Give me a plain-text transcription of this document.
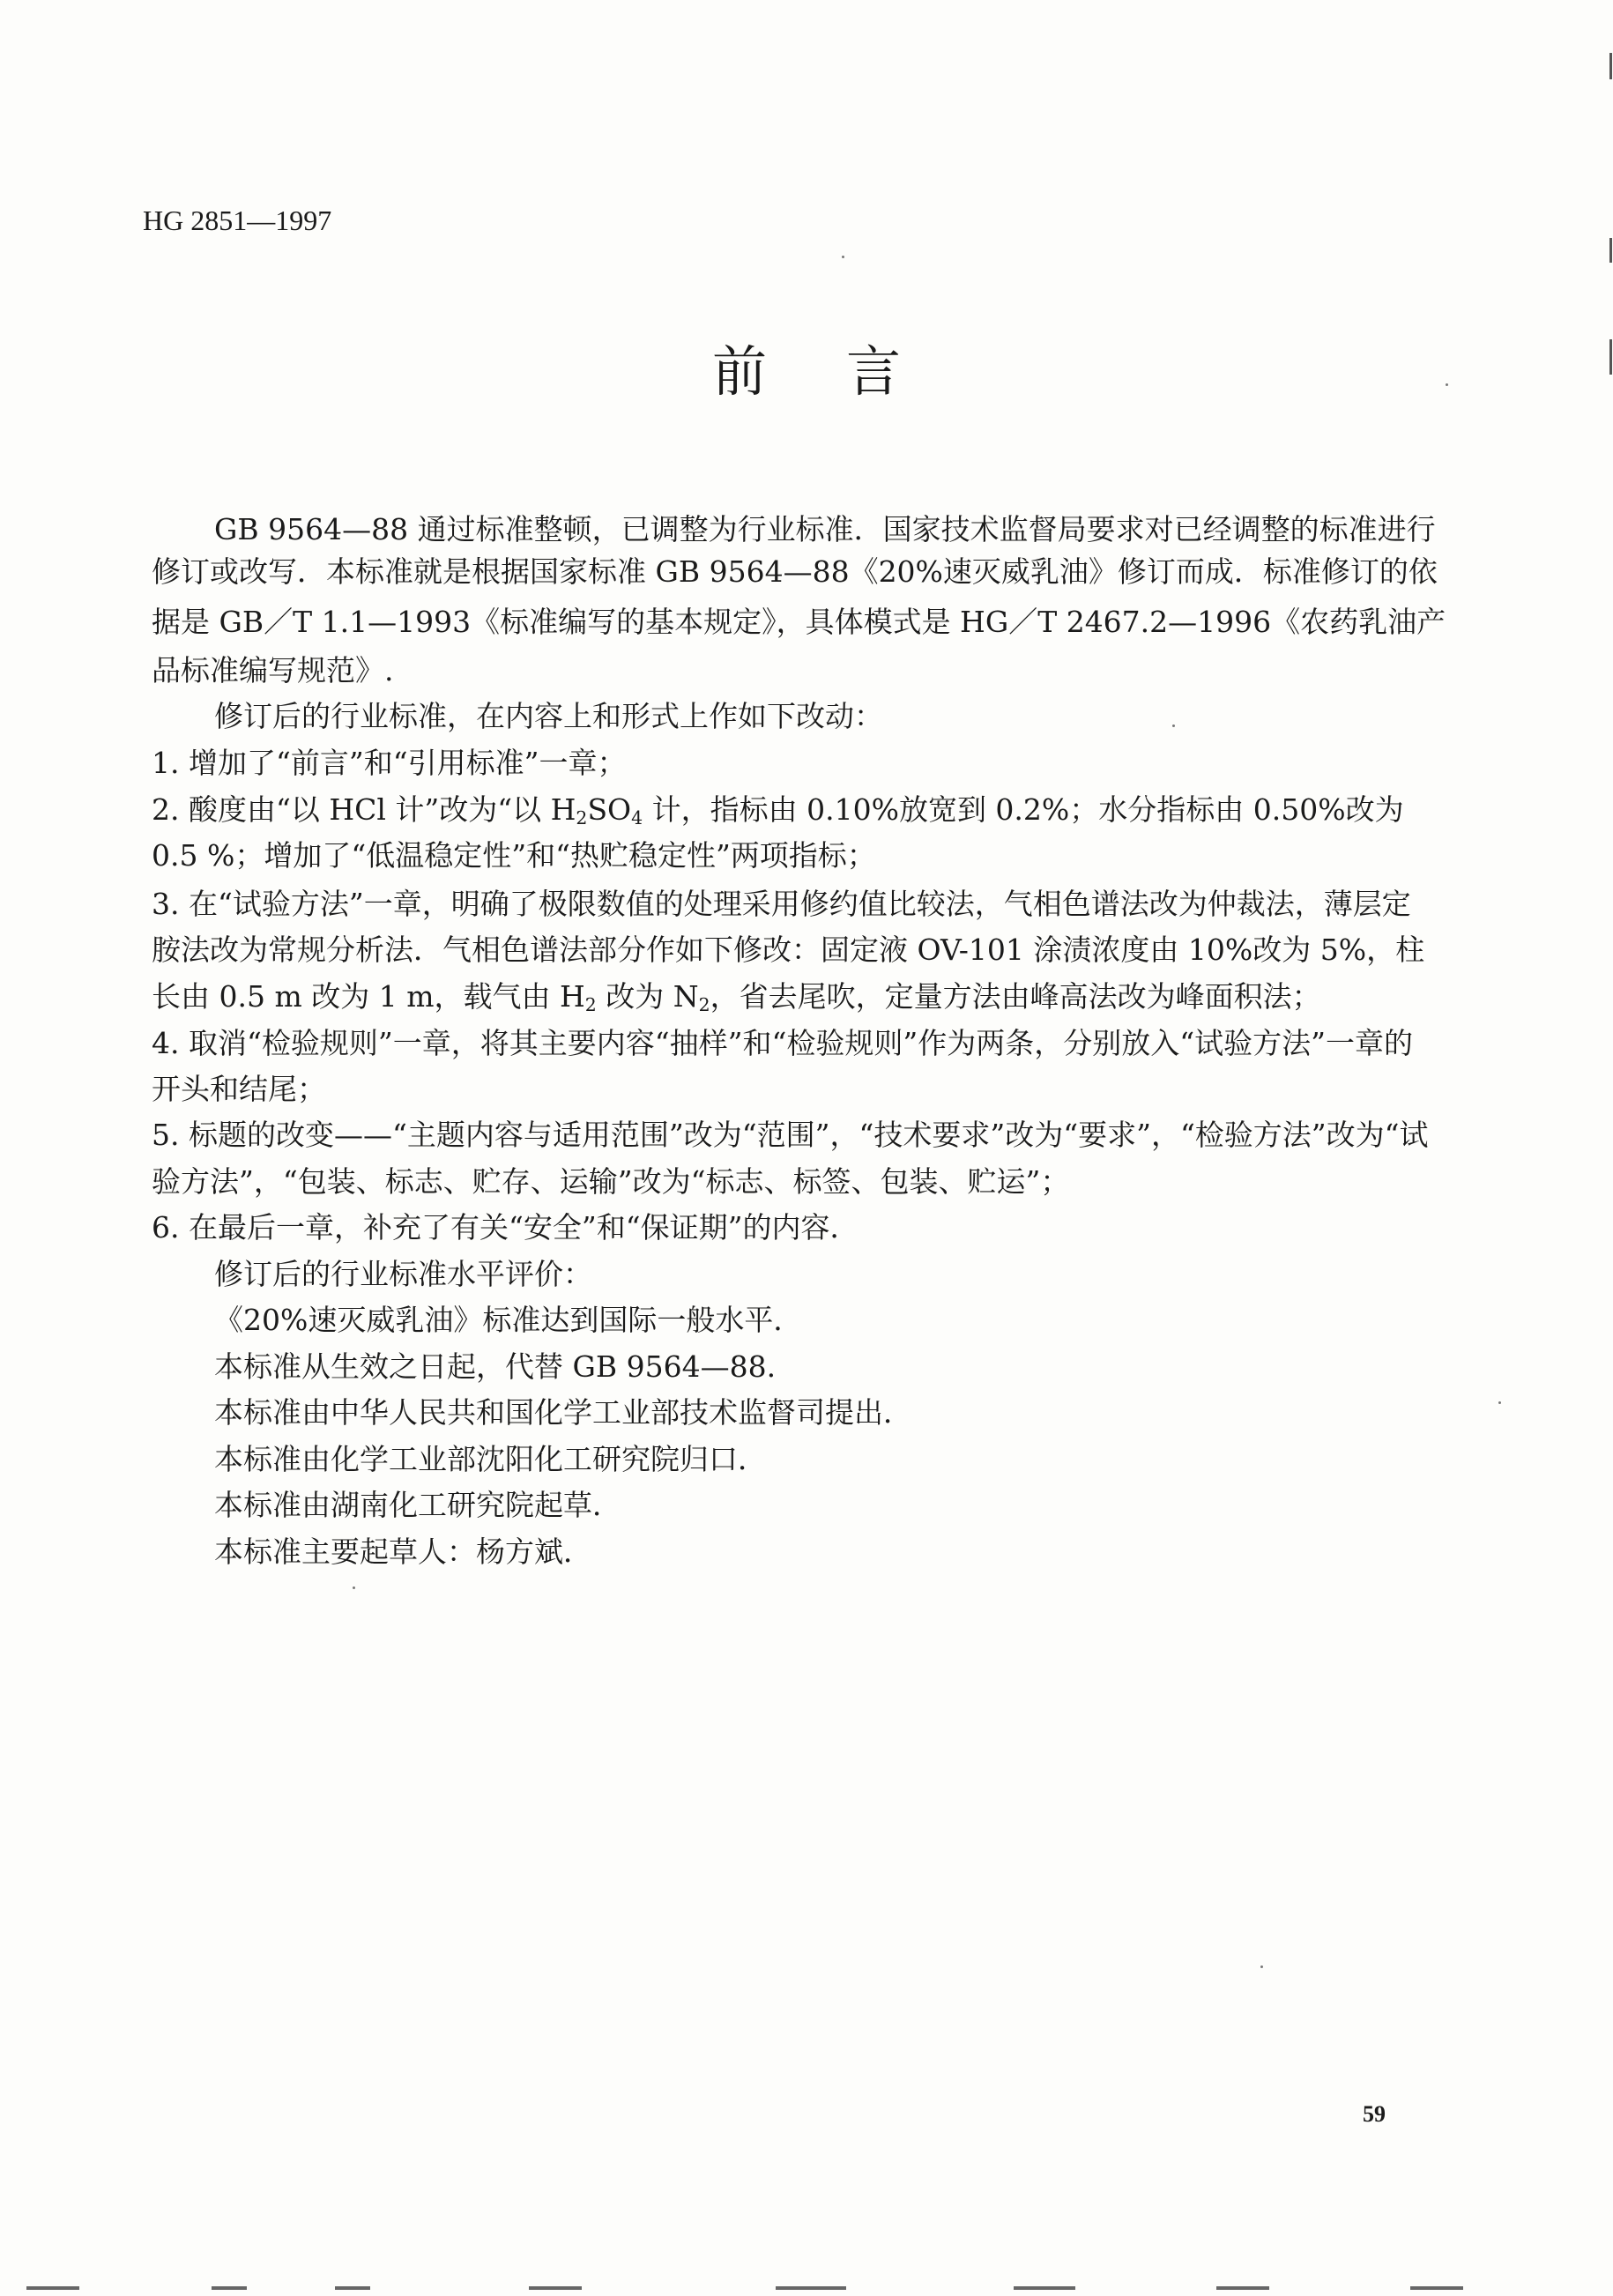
HG 2851—1997
前言
GB 9564—88 通过标准整顿，已调整为行业标准．国家技术监督局要求对已经调整的标准进行
修订或改写．本标准就是根据国家标准 GB 9564—88《20%速灭威乳油》修订而成．标准修订的依
据是 GB／T 1.1—1993《标准编写的基本规定》，具体模式是 HG／T 2467.2—1996《农药乳油产
品标准编写规范》.
修订后的行业标准，在内容上和形式上作如下改动：
1. 增加了“前言”和“引用标准”一章；
2. 酸度由“以 HCl 计”改为“以 $H_2SO_4$ 计，指标由 0.10%放宽到 0.2%；水分指标由 0.50%改为
0.5 %；增加了“低温稳定性”和“热贮稳定性”两项指标；
3. 在“试验方法”一章，明确了极限数值的处理采用修约值比较法，气相色谱法改为仲裁法，薄层定
胺法改为常规分析法．气相色谱法部分作如下修改：固定液 OV-101 涂渍浓度由 10%改为 5%，柱
长由 0.5 m 改为 1 m，载气由 $H_2$ 改为 $N_2$，省去尾吹，定量方法由峰高法改为峰面积法；
4. 取消“检验规则”一章，将其主要内容“抽样”和“检验规则”作为两条，分别放入“试验方法”一章的
开头和结尾；
5. 标题的改变——“主题内容与适用范围”改为“范围”，“技术要求”改为“要求”，“检验方法”改为“试
验方法”，“包装、标志、贮存、运输”改为“标志、标签、包装、贮运”；
6. 在最后一章，补充了有关“安全”和“保证期”的内容．
修订后的行业标准水平评价：
《20%速灭威乳油》标准达到国际一般水平．
本标准从生效之日起，代替 GB 9564—88.
本标准由中华人民共和国化学工业部技术监督司提出．
本标准由化学工业部沈阳化工研究院归口．
本标准由湖南化工研究院起草．
本标准主要起草人：杨方斌．
59
